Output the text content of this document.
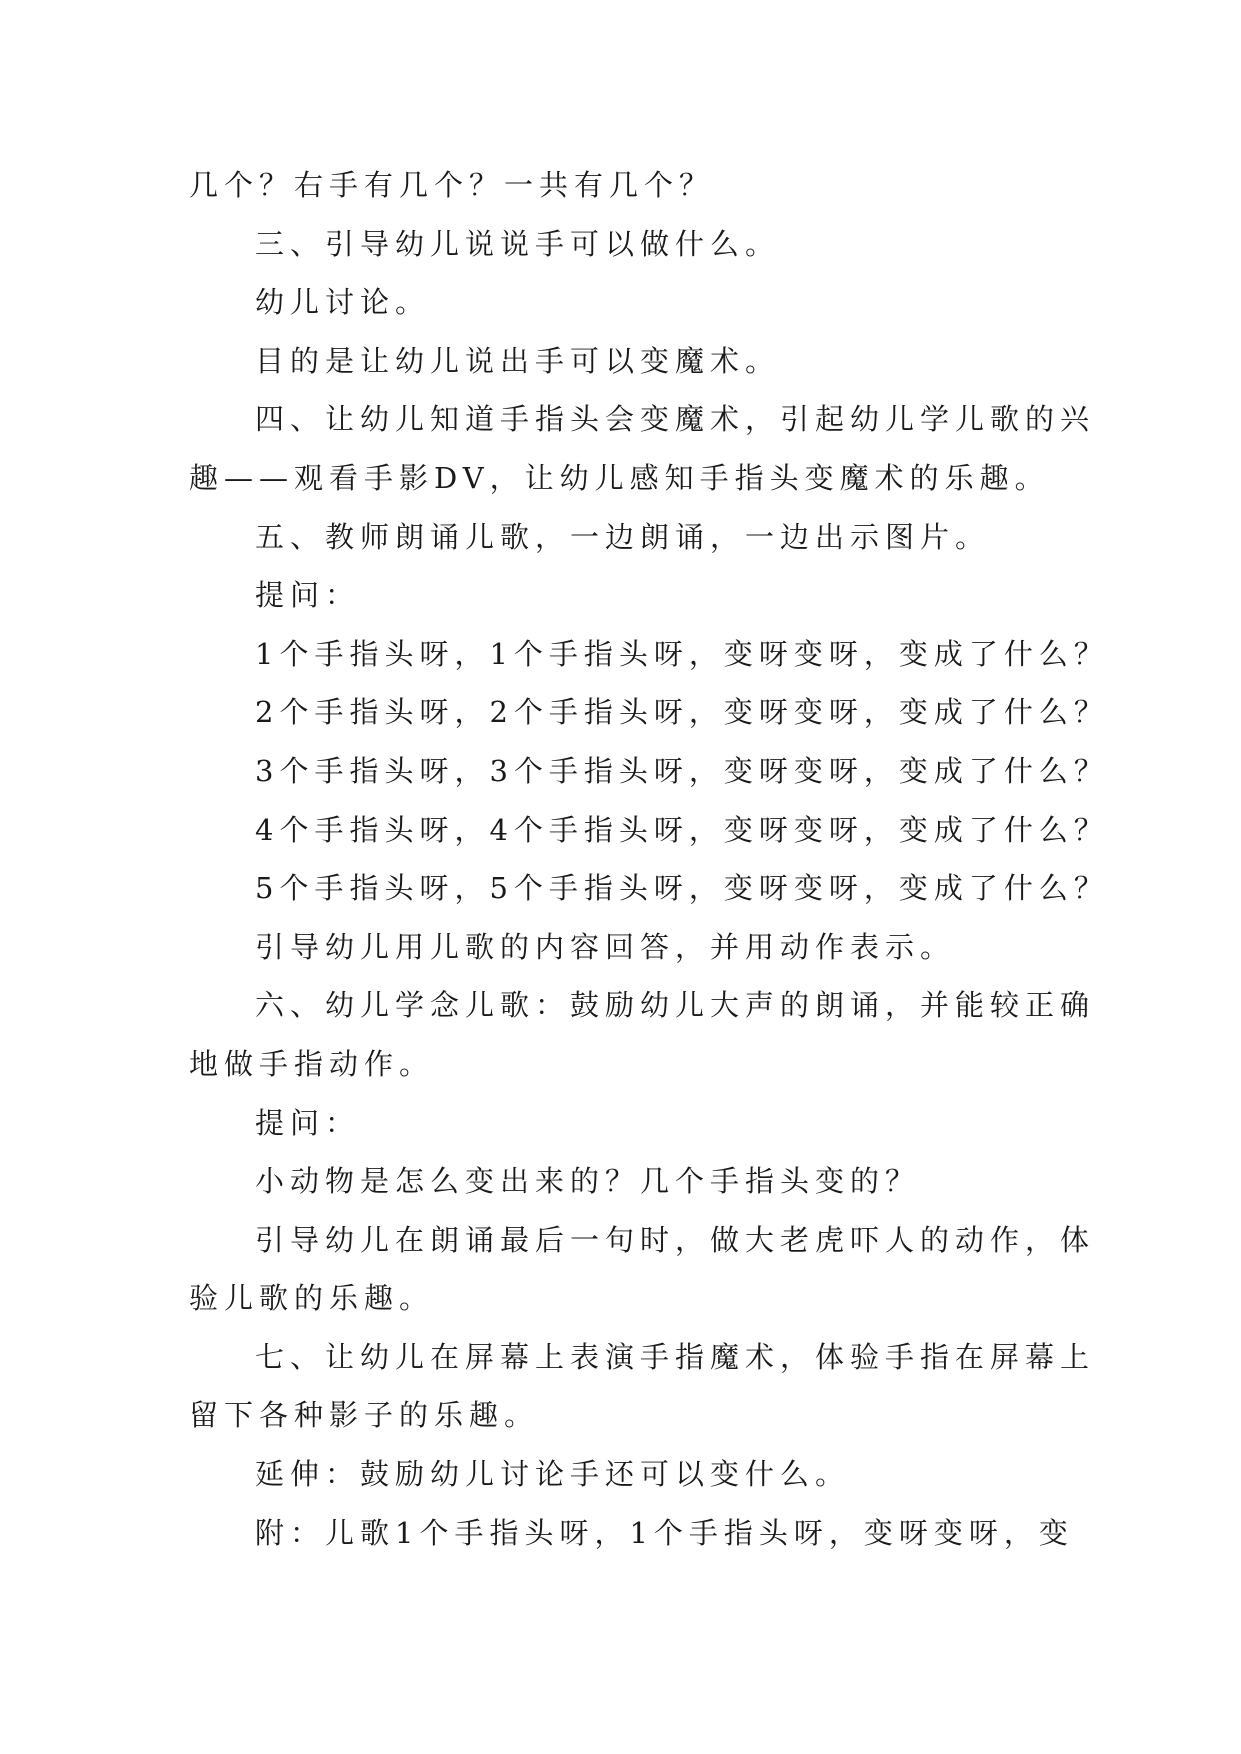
几个？右手有几个？一共有几个？
三、引导幼儿说说手可以做什么。
幼儿讨论。
目的是让幼儿说出手可以变魔术。
四、让幼儿知道手指头会变魔术，引起幼儿学儿歌的兴
趣——观看手影DV，让幼儿感知手指头变魔术的乐趣。
五、教师朗诵儿歌，一边朗诵，一边出示图片。
提问：
1个手指头呀，1个手指头呀，变呀变呀，变成了什么？
2个手指头呀，2个手指头呀，变呀变呀，变成了什么？
3个手指头呀，3个手指头呀，变呀变呀，变成了什么？
4个手指头呀，4个手指头呀，变呀变呀，变成了什么？
5个手指头呀，5个手指头呀，变呀变呀，变成了什么？
引导幼儿用儿歌的内容回答，并用动作表示。
六、幼儿学念儿歌：鼓励幼儿大声的朗诵，并能较正确
地做手指动作。
提问：
小动物是怎么变出来的？几个手指头变的？
引导幼儿在朗诵最后一句时，做大老虎吓人的动作，体
验儿歌的乐趣。
七、让幼儿在屏幕上表演手指魔术，体验手指在屏幕上
留下各种影子的乐趣。
延伸：鼓励幼儿讨论手还可以变什么。
附：儿歌1个手指头呀，1个手指头呀，变呀变呀，变
